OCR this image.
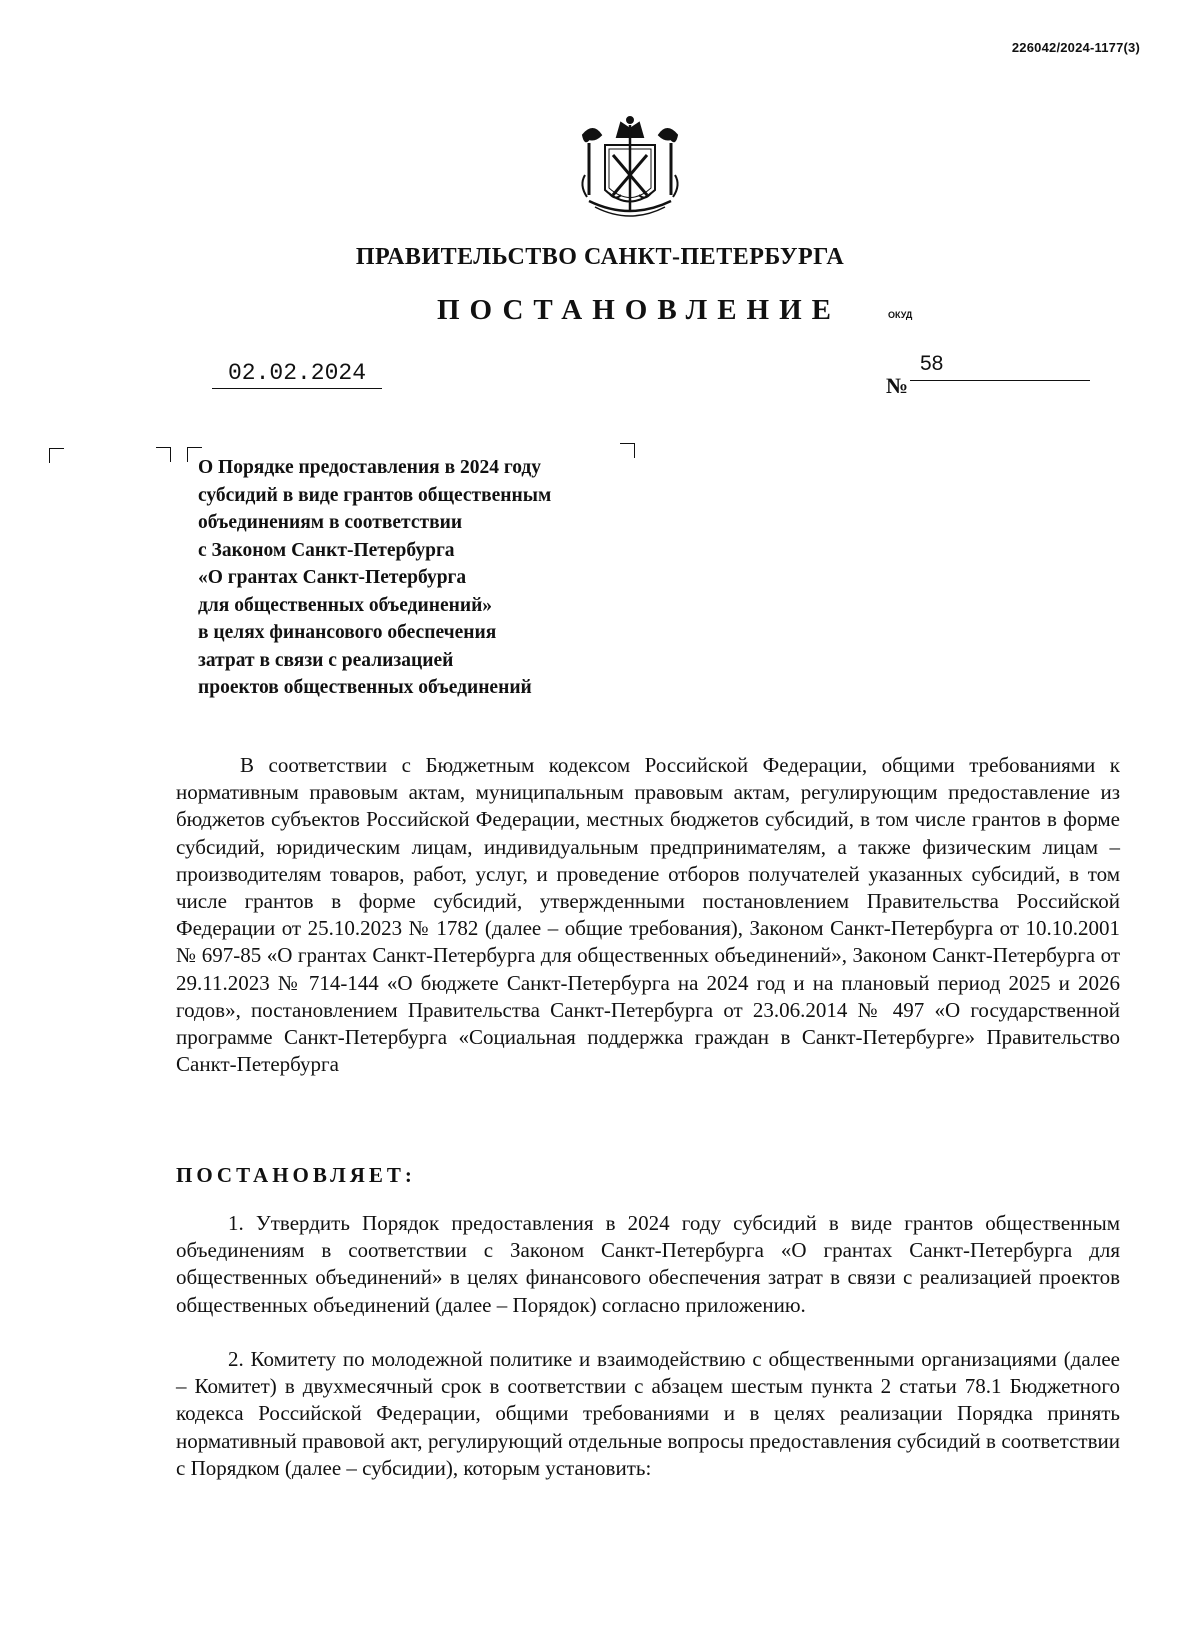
226042/2024-1177(3)
ПРАВИТЕЛЬСТВО САНКТ-ПЕТЕРБУРГА
ПОСТАНОВЛЕНИЕ	ОКУД
02.02.2024	№
58
О Порядке предоставления в 2024 году
субсидий в виде грантов общественным
объединениям в соответствии
с Законом Санкт-Петербурга
«О грантах Санкт-Петербурга
для общественных объединений»
в целях финансового обеспечения
затрат в связи с реализацией
проектов общественных объединений
В соответствии с Бюджетным кодексом Российской Федерации, общими требованиями к нормативным правовым актам, муниципальным правовым актам, регулирующим предоставление из бюджетов субъектов Российской Федерации, местных бюджетов субсидий, в том числе грантов в форме субсидий, юридическим лицам, индивидуальным предпринимателям, а также физическим лицам – производителям товаров, работ, услуг, и проведение отборов получателей указанных субсидий, в том числе грантов в форме субсидий, утвержденными постановлением Правительства Российской Федерации от 25.10.2023 № 1782 (далее – общие требования), Законом Санкт-Петербурга от 10.10.2001 № 697-85 «О грантах Санкт-Петербурга для общественных объединений», Законом Санкт-Петербурга от 29.11.2023 № 714-144 «О бюджете Санкт-Петербурга на 2024 год и на плановый период 2025 и 2026 годов», постановлением Правительства Санкт-Петербурга от 23.06.2014 № 497 «О государственной программе Санкт-Петербурга «Социальная поддержка граждан в Санкт-Петербурге» Правительство Санкт-Петербурга
ПОСТАНОВЛЯЕТ:
1. Утвердить Порядок предоставления в 2024 году субсидий в виде грантов общественным объединениям в соответствии с Законом Санкт-Петербурга «О грантах Санкт-Петербурга для общественных объединений» в целях финансового обеспечения затрат в связи с реализацией проектов общественных объединений (далее – Порядок) согласно приложению.
2. Комитету по молодежной политике и взаимодействию с общественными организациями (далее – Комитет) в двухмесячный срок в соответствии с абзацем шестым пункта 2 статьи 78.1 Бюджетного кодекса Российской Федерации, общими требованиями и в целях реализации Порядка принять нормативный правовой акт, регулирующий отдельные вопросы предоставления субсидий в соответствии с Порядком (далее – субсидии), которым установить:
